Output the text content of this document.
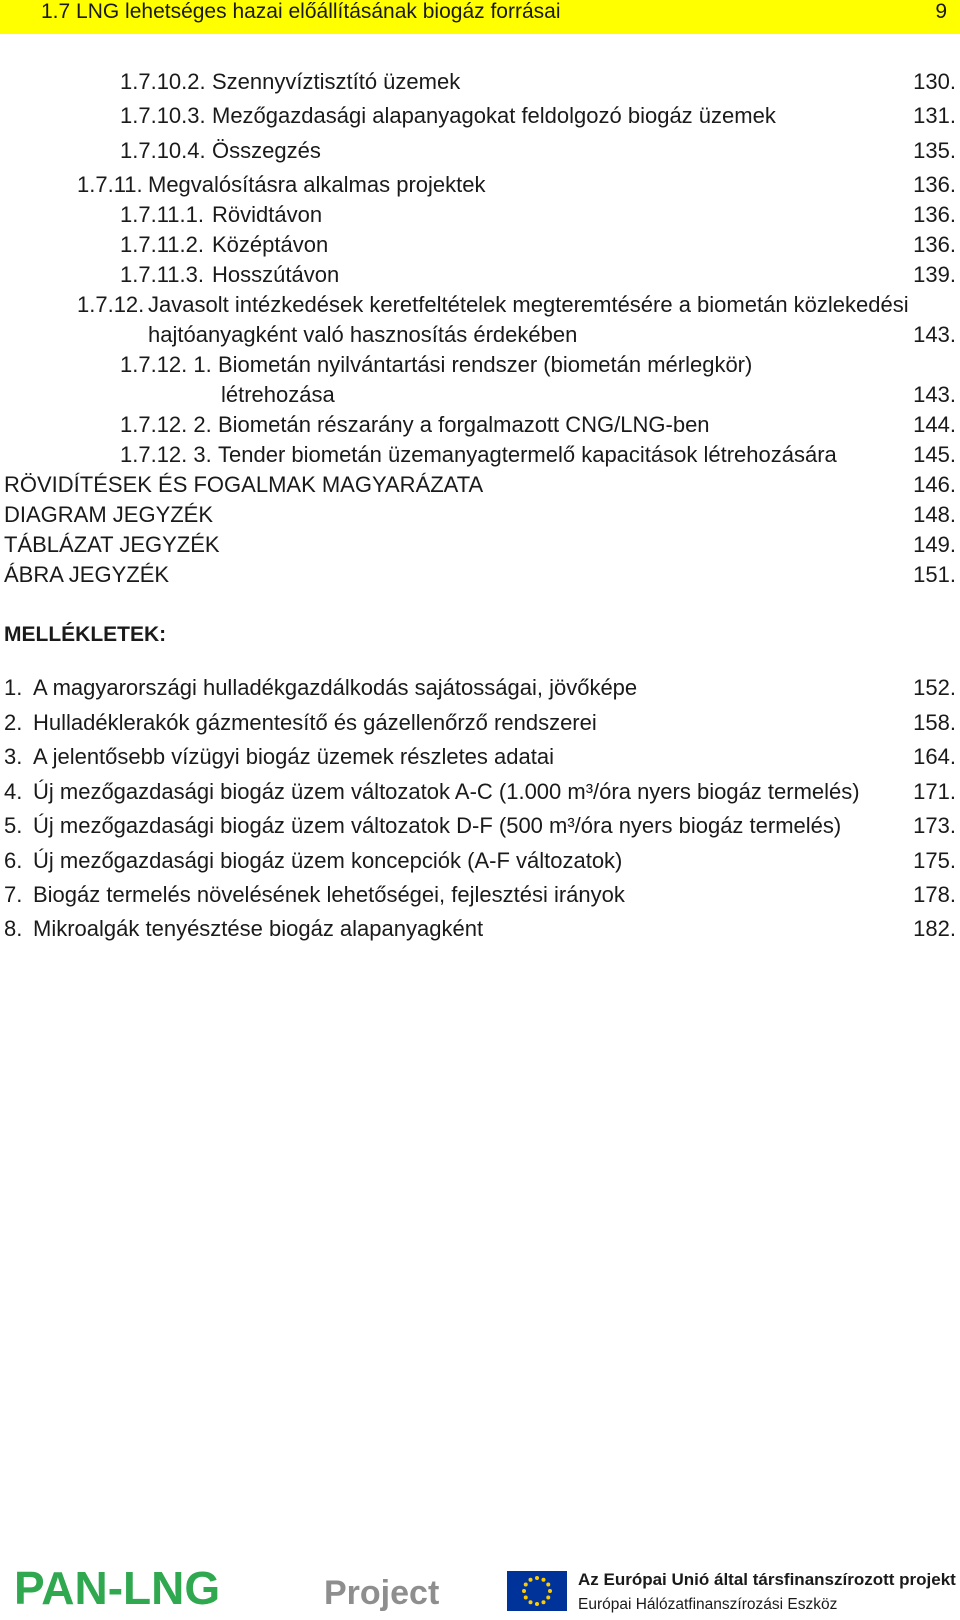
1.7 LNG lehetséges hazai előállításának biogáz forrásai	9
1.7.10.2. Szennyvíztisztító üzemek	130.
1.7.10.3. Mezőgazdasági alapanyagokat feldolgozó biogáz üzemek	131.
1.7.10.4. Összegzés	135.
1.7.11. Megvalósításra alkalmas projektek	136.
1.7.11.1. Rövidtávon	136.
1.7.11.2. Középtávon	136.
1.7.11.3. Hosszútávon	139.
1.7.12. Javasolt intézkedések keretfeltételek megteremtésére a biometán közlekedési
hajtóanyagként való hasznosítás érdekében	143.
1.7.12. 1. Biometán nyilvántartási rendszer (biometán mérlegkör)
létrehozása	143.
1.7.12. 2. Biometán részarány a forgalmazott CNG/LNG-ben	144.
1.7.12. 3. Tender biometán üzemanyagtermelő kapacitások létrehozására	145.
RÖVIDÍTÉSEK ÉS FOGALMAK MAGYARÁZATA	146.
DIAGRAM JEGYZÉK	148.
TÁBLÁZAT JEGYZÉK	149.
ÁBRA JEGYZÉK	151.
MELLÉKLETEK:
1. A magyarországi hulladékgazdálkodás sajátosságai, jövőképe	152.
2. Hulladéklerakók gázmentesítő és gázellenőrző rendszerei	158.
3. A jelentősebb vízügyi biogáz üzemek részletes adatai	164.
4. Új mezőgazdasági biogáz üzem változatok A-C (1.000 m³/óra nyers biogáz termelés) 171.
5. Új mezőgazdasági biogáz üzem változatok D-F (500 m³/óra nyers biogáz termelés)	173.
6. Új mezőgazdasági biogáz üzem koncepciók (A-F változatok)	175.
7. Biogáz termelés növelésének lehetőségei, fejlesztési irányok	178.
8. Mikroalgák tenyésztése biogáz alapanyagként	182.
PAN-LNG	Project	Az Európai Unió által társfinanszírozott projekt
Európai Hálózatfinanszírozási Eszköz
